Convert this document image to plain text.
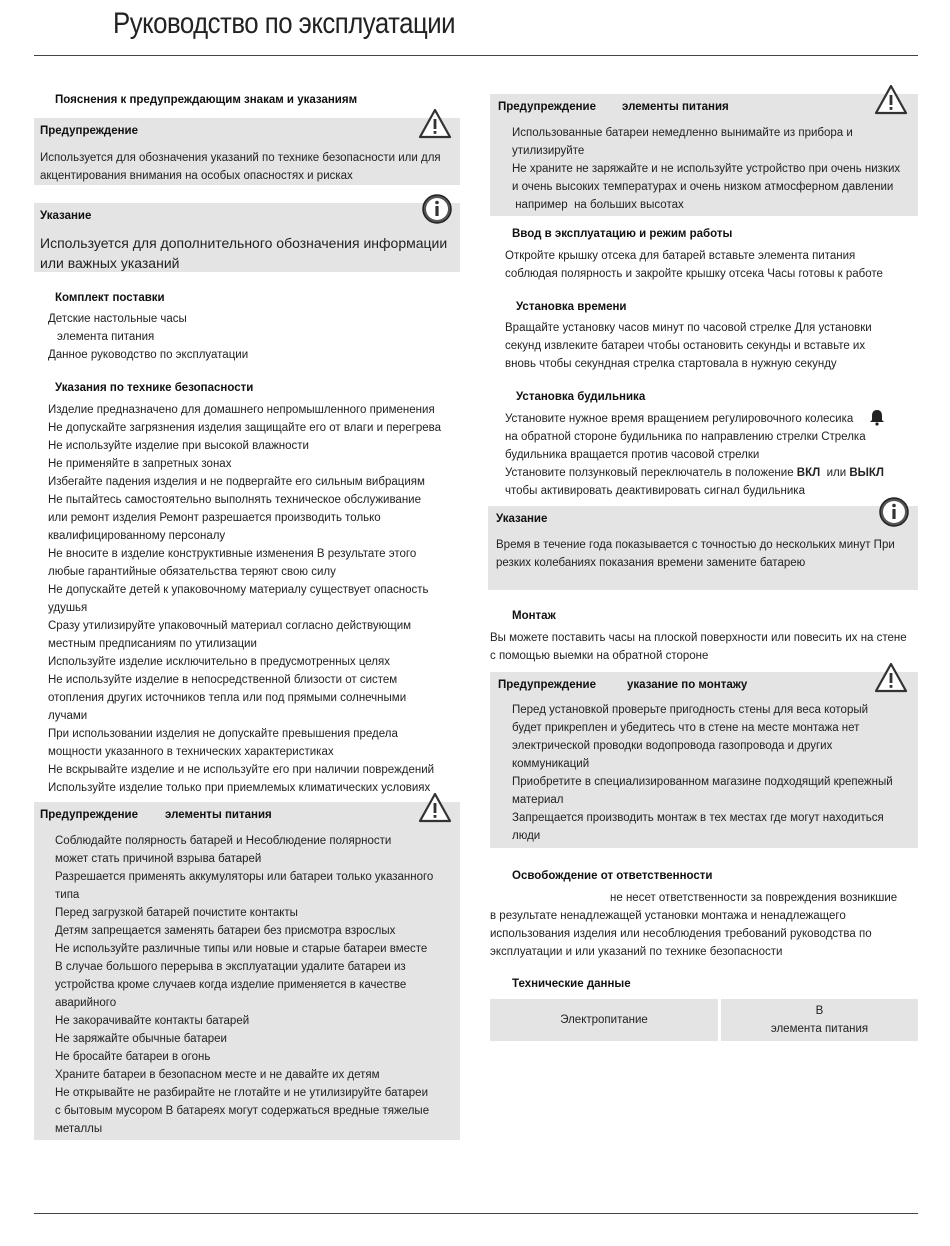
Руководство по эксплуатации
Пояснения к предупреждающим знакам и указаниям
Предупреждение
Используется для обозначения указаний по технике безопасности или для
акцентирования внимания на особых опасностях и рисках
Указание
Используется для дополнительного обозначения информации
или важных указаний
Комплект поставки
Детские настольные часы
элемента питания
Данное руководство по эксплуатации
Указания по технике безопасности
Изделие предназначено для домашнего непромышленного применения
Не допускайте загрязнения изделия защищайте его от влаги и перегрева
Не используйте изделие при высокой влажности
Не применяйте в запретных зонах
Избегайте падения изделия и не подвергайте его сильным вибрациям
Не пытайтесь самостоятельно выполнять техническое обслуживание
или ремонт изделия Ремонт разрешается производить только
квалифицированному персоналу
Не вносите в изделие конструктивные изменения В результате этого
любые гарантийные обязательства теряют свою силу
Не допускайте детей к упаковочному материалу существует опасность
удушья
Сразу утилизируйте упаковочный материал согласно действующим
местным предписаниям по утилизации
Используйте изделие исключительно в предусмотренных целях
Не используйте изделие в непосредственной близости от систем
отопления других источников тепла или под прямыми солнечными
лучами
При использовании изделия не допускайте превышения предела
мощности указанного в технических характеристиках
Не вскрывайте изделие и не используйте его при наличии повреждений
Используйте изделие только при приемлемых климатических условиях
Предупреждение элементы питания
Соблюдайте полярность батарей и Несоблюдение полярности
может стать причиной взрыва батарей
Разрешается применять аккумуляторы или батареи только указанного
типа
Перед загрузкой батарей почистите контакты
Детям запрещается заменять батареи без присмотра взрослых
Не используйте различные типы или новые и старые батареи вместе
В случае большого перерыва в эксплуатации удалите батареи из
устройства кроме случаев когда изделие применяется в качестве
аварийного
Не закорачивайте контакты батарей
Не заряжайте обычные батареи
Не бросайте батареи в огонь
Храните батареи в безопасном месте и не давайте их детям
Не открывайте не разбирайте не глотайте и не утилизируйте батареи
с бытовым мусором В батареях могут содержаться вредные тяжелые
металлы
Предупреждение элементы питания
Использованные батареи немедленно вынимайте из прибора и
утилизируйте
Не храните не заряжайте и не используйте устройство при очень низких
и очень высоких температурах и очень низком атмосферном давлении
например  на больших высотах
Ввод в эксплуатацию и режим работы
Откройте крышку отсека для батарей вставьте элемента питания
соблюдая полярность и закройте крышку отсека Часы готовы к работе
Установка времени
Вращайте установку часов минут по часовой стрелке Для установки
секунд извлеките батареи чтобы остановить секунды и вставьте их
вновь чтобы секундная стрелка стартовала в нужную секунду
Установка будильника
Установите нужное время вращением регулировочного колесика
на обратной стороне будильника по направлению стрелки Стрелка
будильника вращается против часовой стрелки
Установите ползунковый переключатель в положение ВКЛ  или ВЫКЛ
чтобы активировать деактивировать сигнал будильника
Указание
Время в течение года показывается с точностью до нескольких минут При
резких колебаниях показания времени замените батарею
Монтаж
Вы можете поставить часы на плоской поверхности или повесить их на стене
с помощью выемки на обратной стороне
Предупреждение	указание по монтажу
Перед установкой проверьте пригодность стены для веса который
будет прикреплен и убедитесь что в стене на месте монтажа нет
электрической проводки водопровода газопровода и других
коммуникаций
Приобретите в специализированном магазине подходящий крепежный
материал
Запрещается производить монтаж в тех местах где могут находиться
люди
Освобождение от ответственности
не несет ответственности за повреждения возникшие
в результате ненадлежащей установки монтажа и ненадлежащего
использования изделия или несоблюдения требований руководства по
эксплуатации и или указаний по технике безопасности
Технические данные
Электропитание
В
элемента питания
